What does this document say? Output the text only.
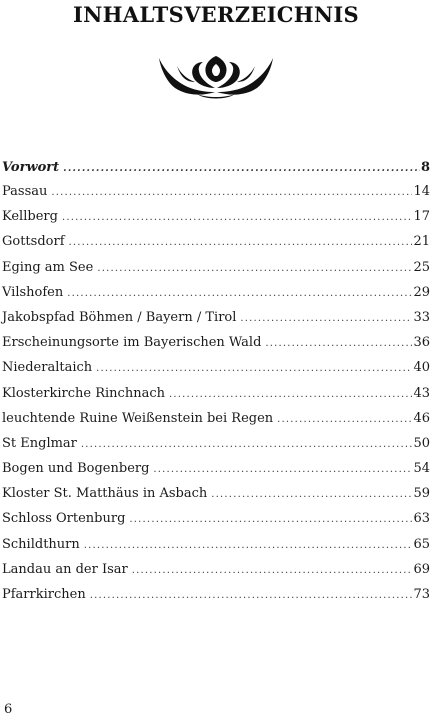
INHALTSVERZEICHNIS
Vorwort .....	8
Passau .....	14
Kellberg .....	17
Gottsdorf .....	21
Eging am See .....	25
Vilshofen .....	29
Jakobspfad Böhmen / Bayern / Tirol .....	33
Erscheinungsorte im Bayerischen Wald .....	36
Niederaltaich .....	40
Klosterkirche Rinchnach .....	43
leuchtende Ruine Weißenstein bei Regen .....	46
St Englmar .....	50
Bogen und Bogenberg .....	54
Kloster St. Matthäus in Asbach .....	59
Schloss Ortenburg .....	63
Schildthurn .....	65
Landau an der Isar .....	69
Pfarrkirchen .....	73
6
